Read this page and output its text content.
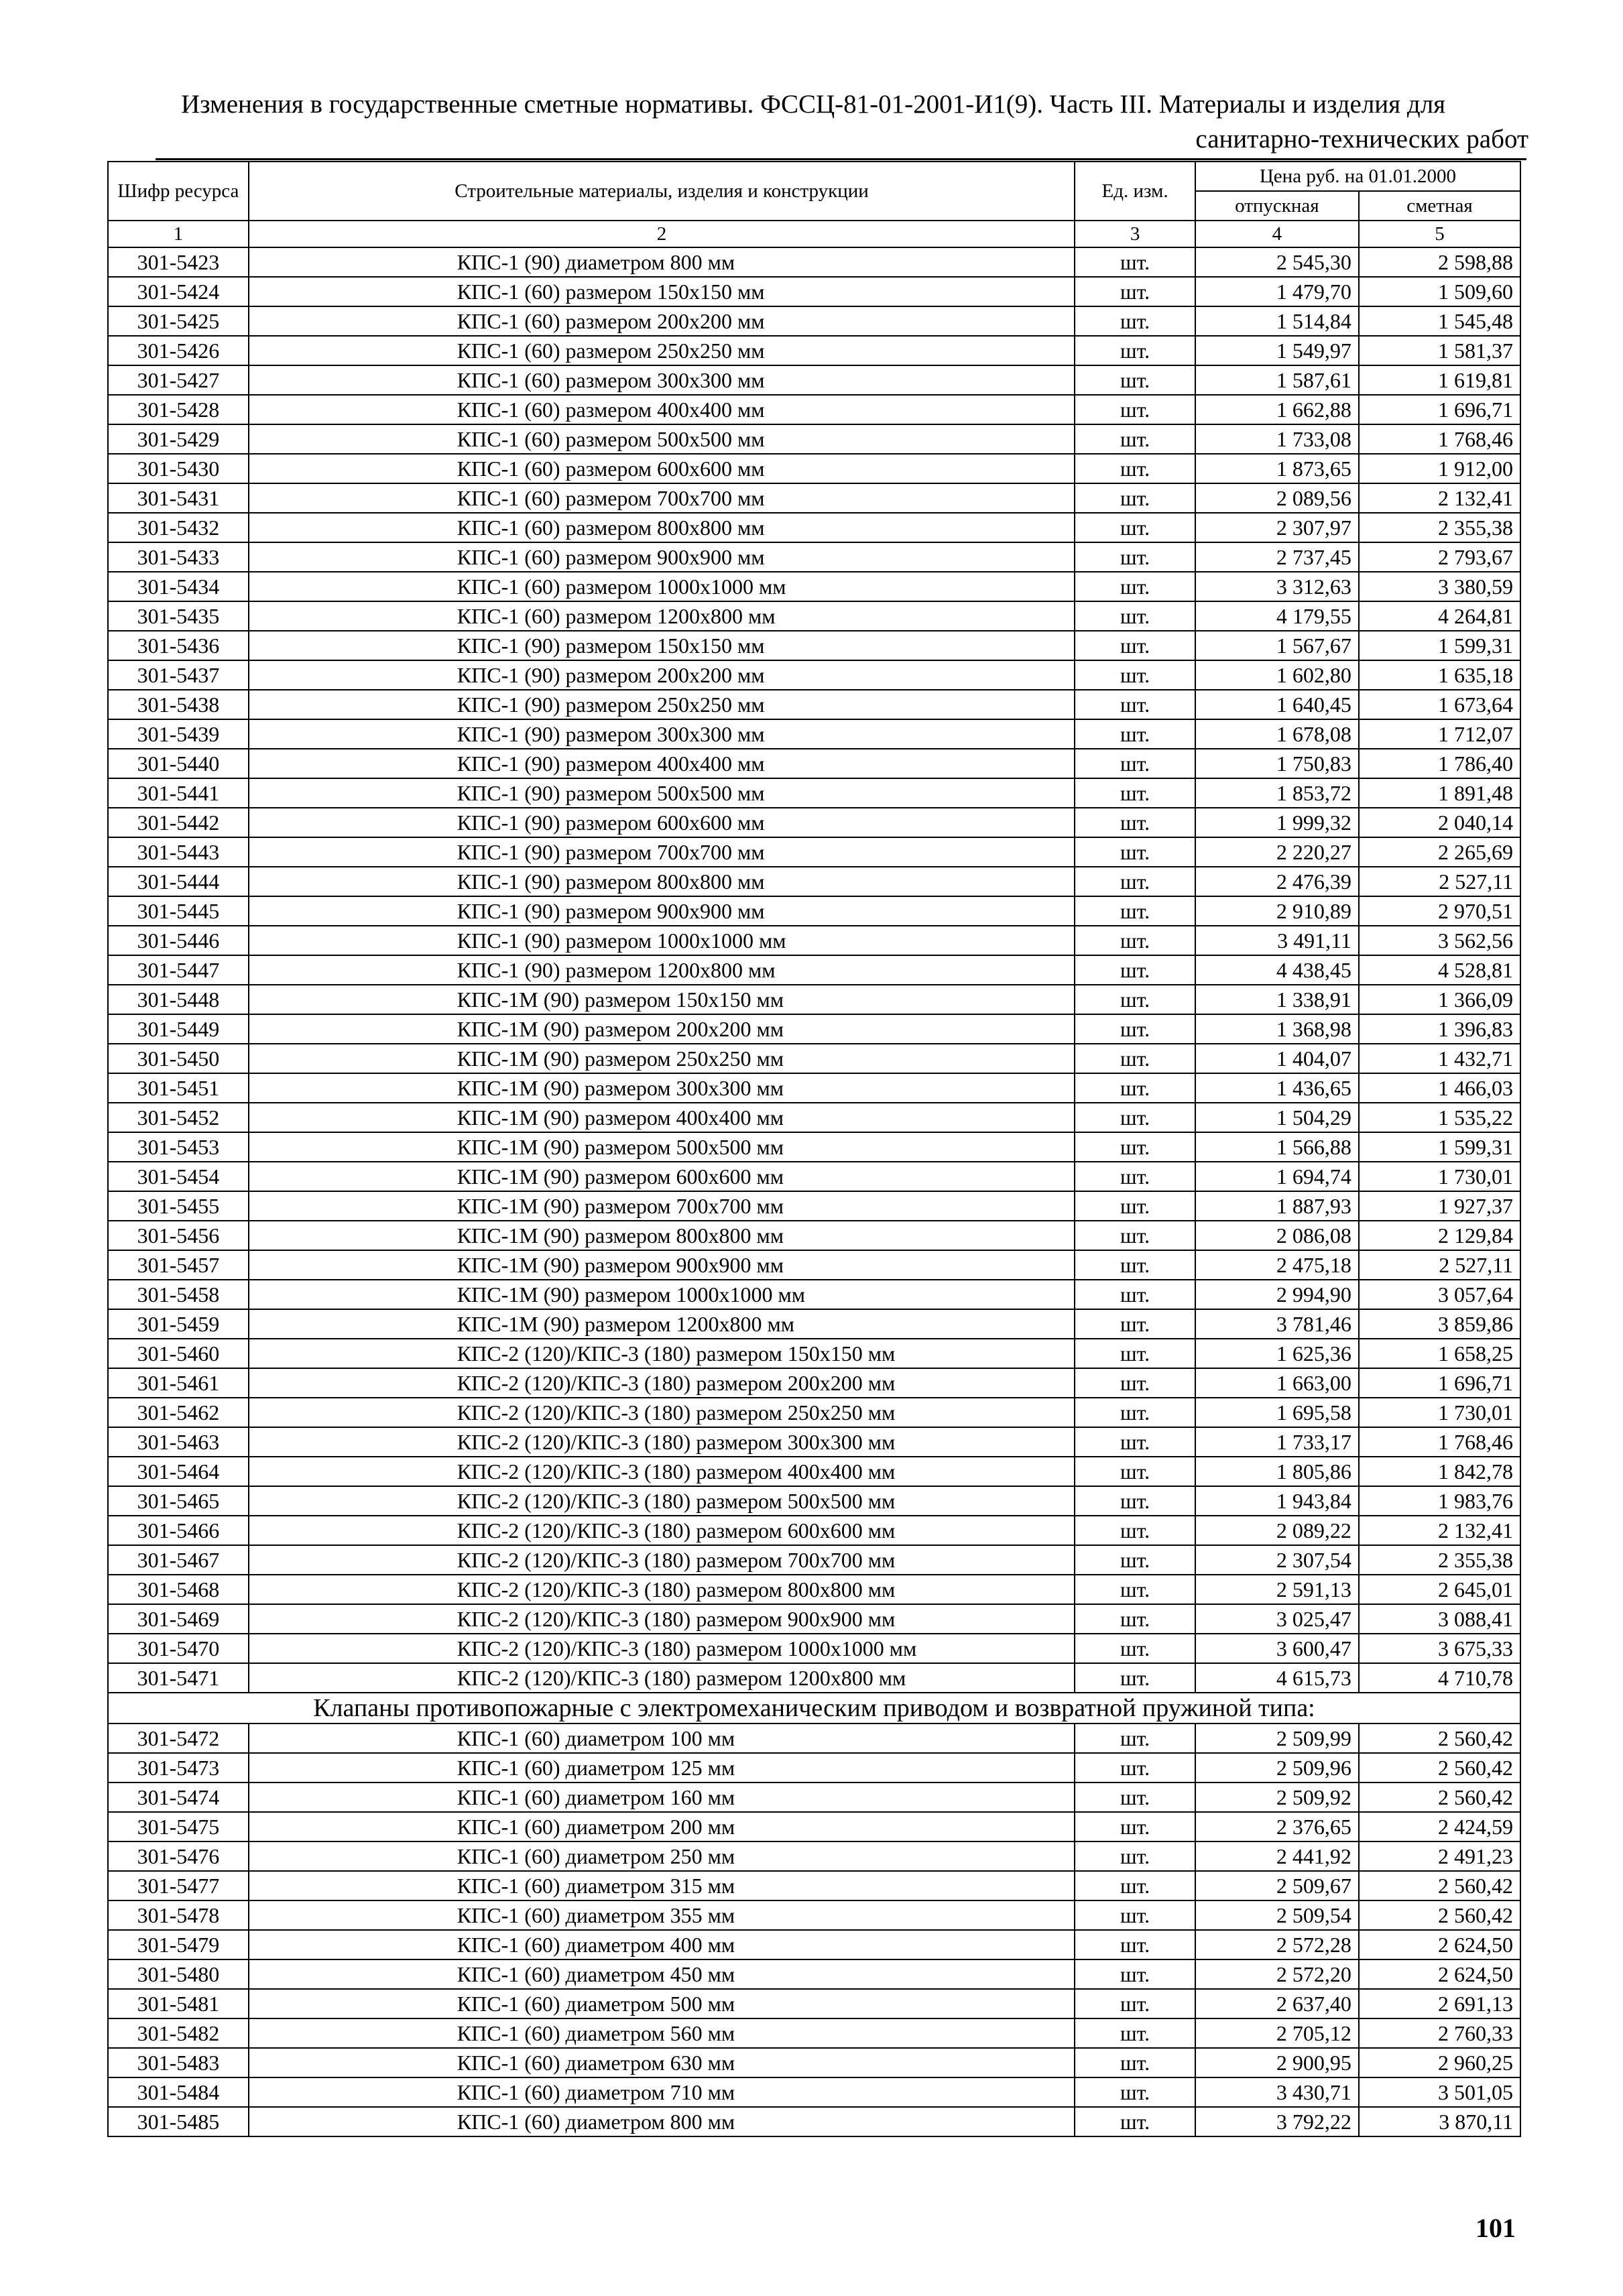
Изменения в государственные сметные нормативы. ФССЦ-81-01-2001-И1(9). Часть III. Материалы и изделия для
санитарно-технических работ
Шифр ресурса	Строительные материалы, изделия и конструкции	Ед. изм.	Цена руб. на 01.01.2000	
			отпускная	сметная
1	2	3	4	5
301-5423	КПС-1 (90) диаметром 800 мм	шт.	2 545,30	2 598,88
301-5424	КПС-1 (60) размером 150х150 мм	шт.	1 479,70	1 509,60
301-5425	КПС-1 (60) размером 200х200 мм	шт.	1 514,84	1 545,48
301-5426	КПС-1 (60) размером 250х250 мм	шт.	1 549,97	1 581,37
301-5427	КПС-1 (60) размером 300х300 мм	шт.	1 587,61	1 619,81
301-5428	КПС-1 (60) размером 400х400 мм	шт.	1 662,88	1 696,71
301-5429	КПС-1 (60) размером 500х500 мм	шт.	1 733,08	1 768,46
301-5430	КПС-1 (60) размером 600х600 мм	шт.	1 873,65	1 912,00
301-5431	КПС-1 (60) размером 700х700 мм	шт.	2 089,56	2 132,41
301-5432	КПС-1 (60) размером 800х800 мм	шт.	2 307,97	2 355,38
301-5433	КПС-1 (60) размером 900х900 мм	шт.	2 737,45	2 793,67
301-5434	КПС-1 (60) размером 1000х1000 мм	шт.	3 312,63	3 380,59
301-5435	КПС-1 (60) размером 1200х800 мм	шт.	4 179,55	4 264,81
301-5436	КПС-1 (90) размером 150х150 мм	шт.	1 567,67	1 599,31
301-5437	КПС-1 (90) размером 200х200 мм	шт.	1 602,80	1 635,18
301-5438	КПС-1 (90) размером 250х250 мм	шт.	1 640,45	1 673,64
301-5439	КПС-1 (90) размером 300х300 мм	шт.	1 678,08	1 712,07
301-5440	КПС-1 (90) размером 400х400 мм	шт.	1 750,83	1 786,40
301-5441	КПС-1 (90) размером 500х500 мм	шт.	1 853,72	1 891,48
301-5442	КПС-1 (90) размером 600х600 мм	шт.	1 999,32	2 040,14
301-5443	КПС-1 (90) размером 700х700 мм	шт.	2 220,27	2 265,69
301-5444	КПС-1 (90) размером 800х800 мм	шт.	2 476,39	2 527,11
301-5445	КПС-1 (90) размером 900х900 мм	шт.	2 910,89	2 970,51
301-5446	КПС-1 (90) размером 1000х1000 мм	шт.	3 491,11	3 562,56
301-5447	КПС-1 (90) размером 1200х800 мм	шт.	4 438,45	4 528,81
301-5448	КПС-1М (90) размером 150х150 мм	шт.	1 338,91	1 366,09
301-5449	КПС-1М (90) размером 200х200 мм	шт.	1 368,98	1 396,83
301-5450	КПС-1М (90) размером 250х250 мм	шт.	1 404,07	1 432,71
301-5451	КПС-1М (90) размером 300х300 мм	шт.	1 436,65	1 466,03
301-5452	КПС-1М (90) размером 400х400 мм	шт.	1 504,29	1 535,22
301-5453	КПС-1М (90) размером 500х500 мм	шт.	1 566,88	1 599,31
301-5454	КПС-1М (90) размером 600х600 мм	шт.	1 694,74	1 730,01
301-5455	КПС-1М (90) размером 700х700 мм	шт.	1 887,93	1 927,37
301-5456	КПС-1М (90) размером 800х800 мм	шт.	2 086,08	2 129,84
301-5457	КПС-1М (90) размером 900х900 мм	шт.	2 475,18	2 527,11
301-5458	КПС-1М (90) размером 1000х1000 мм	шт.	2 994,90	3 057,64
301-5459	КПС-1М (90) размером 1200х800 мм	шт.	3 781,46	3 859,86
301-5460	КПС-2 (120)/КПС-3 (180) размером 150х150 мм	шт.	1 625,36	1 658,25
301-5461	КПС-2 (120)/КПС-3 (180) размером 200х200 мм	шт.	1 663,00	1 696,71
301-5462	КПС-2 (120)/КПС-3 (180) размером 250х250 мм	шт.	1 695,58	1 730,01
301-5463	КПС-2 (120)/КПС-3 (180) размером 300х300 мм	шт.	1 733,17	1 768,46
301-5464	КПС-2 (120)/КПС-3 (180) размером 400х400 мм	шт.	1 805,86	1 842,78
301-5465	КПС-2 (120)/КПС-3 (180) размером 500х500 мм	шт.	1 943,84	1 983,76
301-5466	КПС-2 (120)/КПС-3 (180) размером 600х600 мм	шт.	2 089,22	2 132,41
301-5467	КПС-2 (120)/КПС-3 (180) размером 700х700 мм	шт.	2 307,54	2 355,38
301-5468	КПС-2 (120)/КПС-3 (180) размером 800х800 мм	шт.	2 591,13	2 645,01
301-5469	КПС-2 (120)/КПС-3 (180) размером 900х900 мм	шт.	3 025,47	3 088,41
301-5470	КПС-2 (120)/КПС-3 (180) размером 1000х1000 мм	шт.	3 600,47	3 675,33
301-5471	КПС-2 (120)/КПС-3 (180) размером 1200х800 мм	шт.	4 615,73	4 710,78
Клапаны противопожарные с электромеханическим приводом и возвратной пружиной типа:				
301-5472	КПС-1 (60) диаметром 100 мм	шт.	2 509,99	2 560,42
301-5473	КПС-1 (60) диаметром 125 мм	шт.	2 509,96	2 560,42
301-5474	КПС-1 (60) диаметром 160 мм	шт.	2 509,92	2 560,42
301-5475	КПС-1 (60) диаметром 200 мм	шт.	2 376,65	2 424,59
301-5476	КПС-1 (60) диаметром 250 мм	шт.	2 441,92	2 491,23
301-5477	КПС-1 (60) диаметром 315 мм	шт.	2 509,67	2 560,42
301-5478	КПС-1 (60) диаметром 355 мм	шт.	2 509,54	2 560,42
301-5479	КПС-1 (60) диаметром 400 мм	шт.	2 572,28	2 624,50
301-5480	КПС-1 (60) диаметром 450 мм	шт.	2 572,20	2 624,50
301-5481	КПС-1 (60) диаметром 500 мм	шт.	2 637,40	2 691,13
301-5482	КПС-1 (60) диаметром 560 мм	шт.	2 705,12	2 760,33
301-5483	КПС-1 (60) диаметром 630 мм	шт.	2 900,95	2 960,25
301-5484	КПС-1 (60) диаметром 710 мм	шт.	3 430,71	3 501,05
301-5485	КПС-1 (60) диаметром 800 мм	шт.	3 792,22	3 870,11
101
